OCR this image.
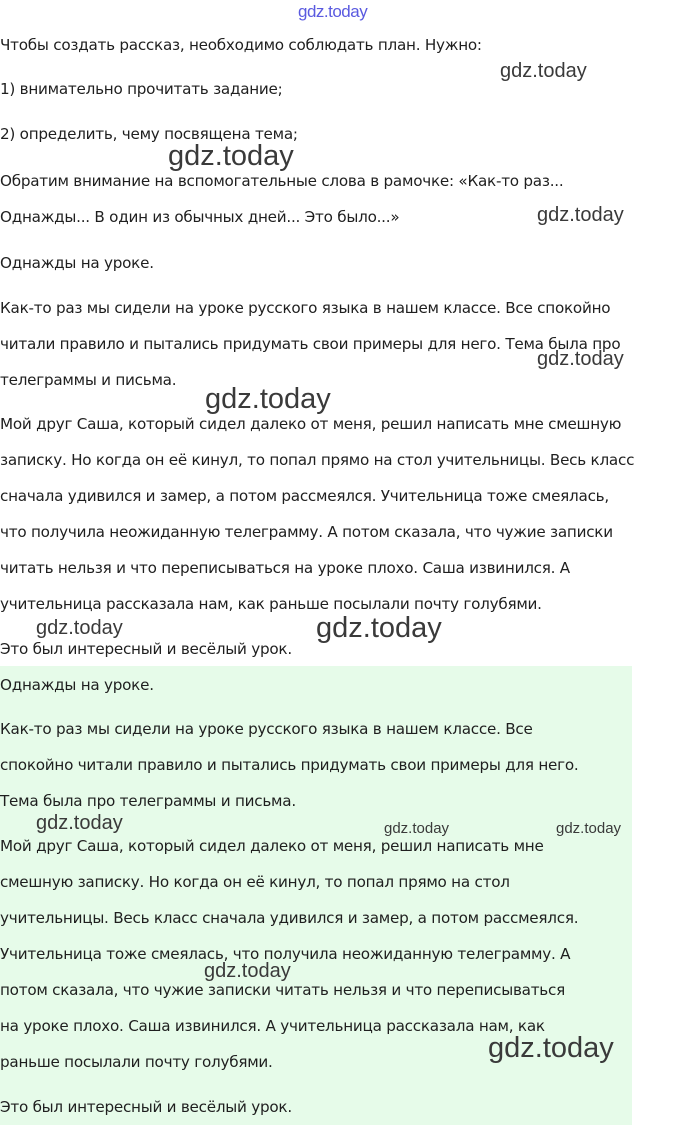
gdz.today
Чтобы создать рассказ, необходимо соблюдать план. Нужно:
1) внимательно прочитать задание;
2) определить, чему посвящена тема;
Обратим внимание на вспомогательные слова в рамочке: «Как-то раз...
Однажды... В один из обычных дней... Это было...»
Однажды на уроке.
Как-то раз мы сидели на уроке русского языка в нашем классе. Все спокойно
читали правило и пытались придумать свои примеры для него. Тема была про
телеграммы и письма.
Мой друг Саша, который сидел далеко от меня, решил написать мне смешную
записку. Но когда он её кинул, то попал прямо на стол учительницы. Весь класс
сначала удивился и замер, а потом рассмеялся. Учительница тоже смеялась,
что получила неожиданную телеграмму. А потом сказала, что чужие записки
читать нельзя и что переписываться на уроке плохо. Саша извинился. А
учительница рассказала нам, как раньше посылали почту голубями.
Это был интересный и весёлый урок.
Однажды на уроке.
Как-то раз мы сидели на уроке русского языка в нашем классе. Все
спокойно читали правило и пытались придумать свои примеры для него.
Тема была про телеграммы и письма.
Мой друг Саша, который сидел далеко от меня, решил написать мне
смешную записку. Но когда он её кинул, то попал прямо на стол
учительницы. Весь класс сначала удивился и замер, а потом рассмеялся.
Учительница тоже смеялась, что получила неожиданную телеграмму. А
потом сказала, что чужие записки читать нельзя и что переписываться
на уроке плохо. Саша извинился. А учительница рассказала нам, как
раньше посылали почту голубями.
Это был интересный и весёлый урок.
gdz.today
gdz.today
gdz.today
gdz.today
gdz.today
gdz.today	gdz.today
gdz.today	gdz.today	gdz.today
gdz.today
gdz.today
